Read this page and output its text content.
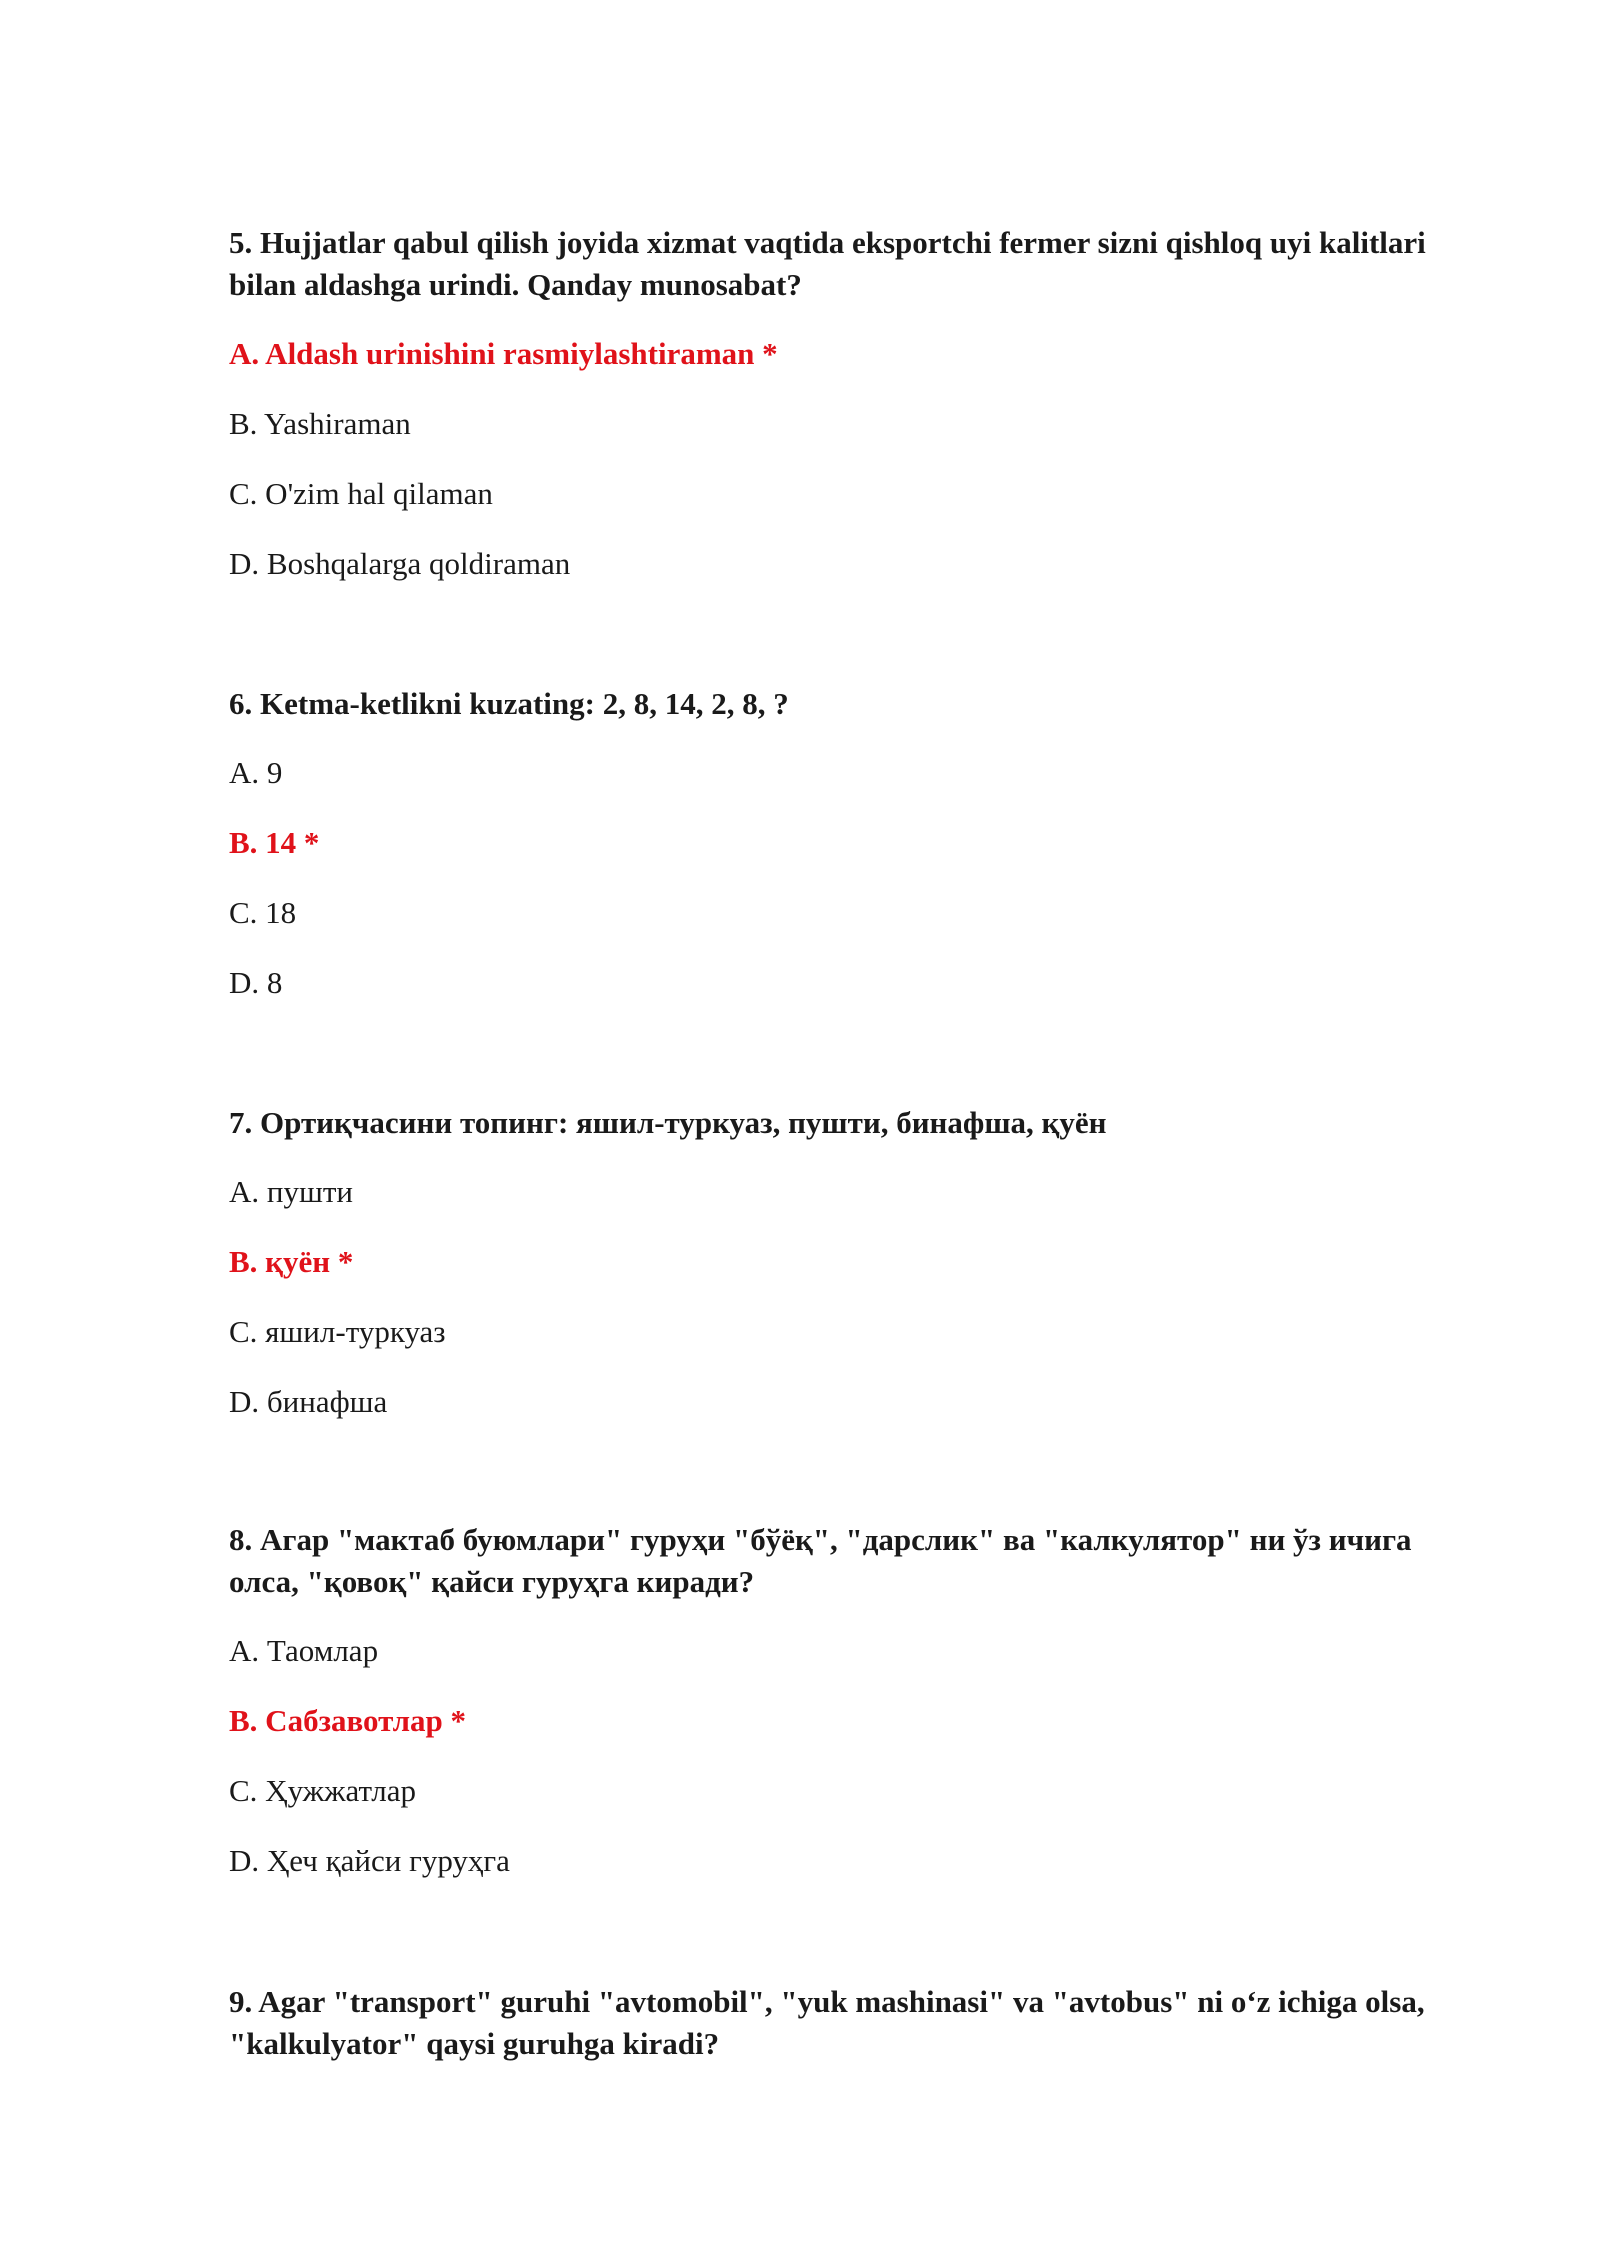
5. Hujjatlar qabul qilish joyida xizmat vaqtida eksportchi fermer sizni qishloq uyi kalitlari bilan aldashga urindi. Qanday munosabat?

A. Aldash urinishini rasmiylashtiraman *

B. Yashiraman

C. O'zim hal qilaman

D. Boshqalarga qoldiraman

6. Ketma-ketlikni kuzating: 2, 8, 14, 2, 8, ?

A. 9

B. 14 *

C. 18

D. 8

7. Ортиқчасини топинг: яшил-туркуаз, пушти, бинафша, қуён

A. пушти

B. қуён *

C. яшил-туркуаз

D. бинафша

8. Агар "мактаб буюмлари" гуруҳи "бўёқ", "дарслик" ва "калкулятор" ни ўз ичига олса, "қовоқ" қайси гуруҳга киради?

A. Таомлар

B. Сабзавотлар *

C. Ҳужжатлар

D. Ҳеч қайси гуруҳга

9. Agar "transport" guruhi "avtomobil", "yuk mashinasi" va "avtobus" ni o‘z ichiga olsa, "kalkulyator" qaysi guruhga kiradi?
